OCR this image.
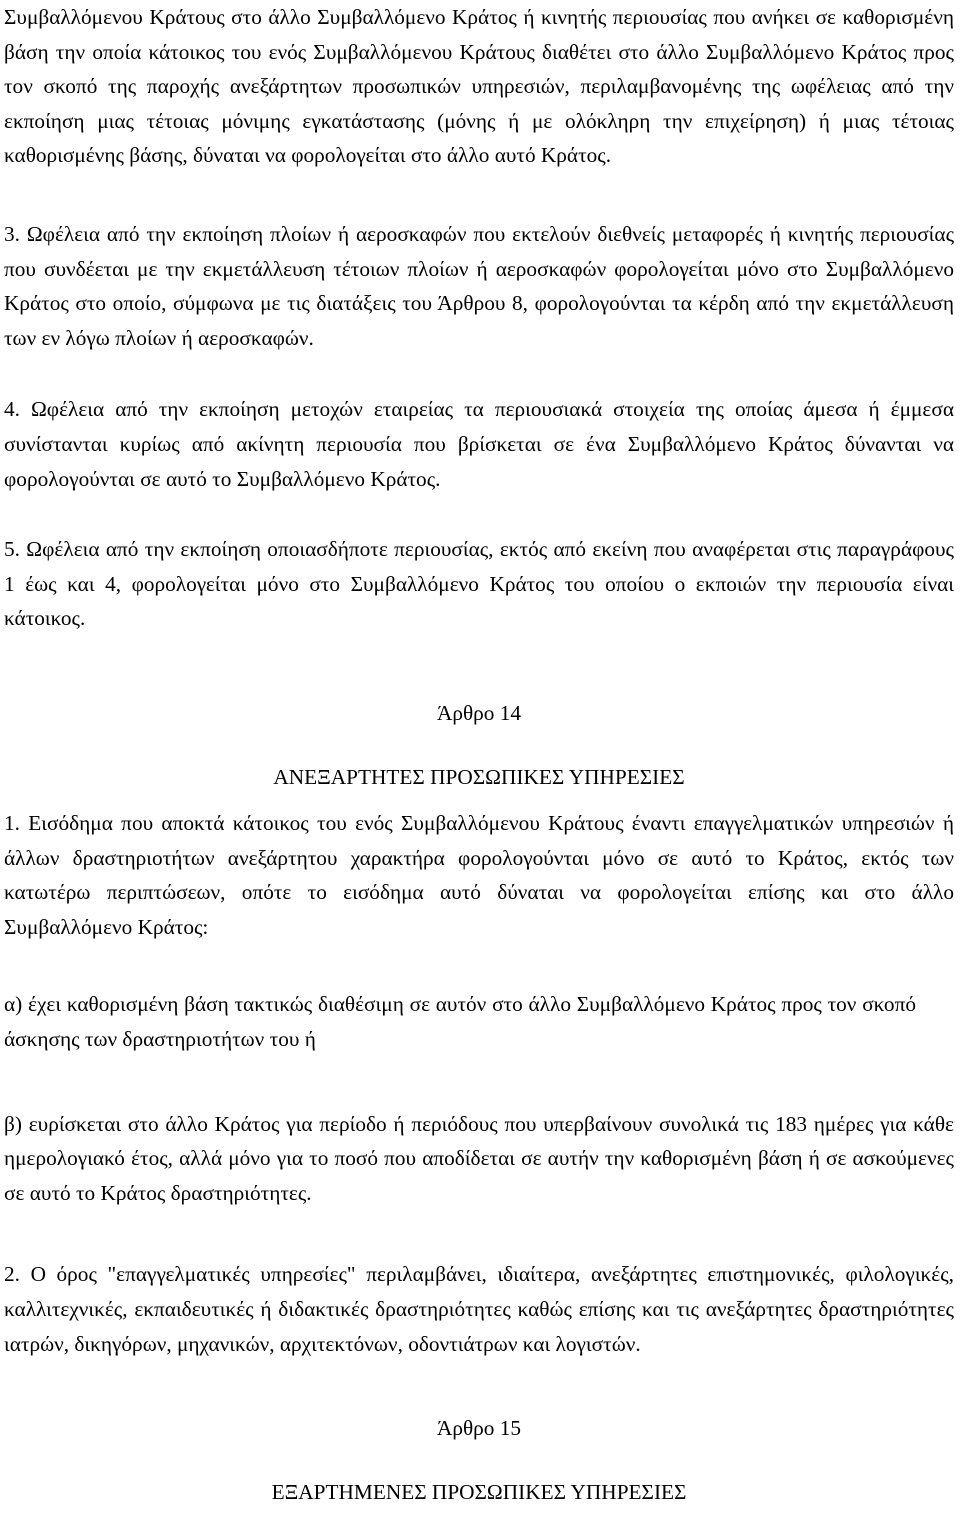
Συμβαλλόμενου Κράτους στο άλλο Συμβαλλόμενο Κράτος ή κινητής περιουσίας που ανήκει σε καθορισμένη βάση την οποία κάτοικος του ενός Συμβαλλόμενου Κράτους διαθέτει στο άλλο Συμβαλλόμενο Κράτος προς τον σκοπό της παροχής ανεξάρτητων προσωπικών υπηρεσιών, περιλαμβανομένης της ωφέλειας από την εκποίηση μιας τέτοιας μόνιμης εγκατάστασης (μόνης ή με ολόκληρη την επιχείρηση) ή μιας τέτοιας καθορισμένης βάσης, δύναται να φορολογείται στο άλλο αυτό Κράτος.

3. Ωφέλεια από την εκποίηση πλοίων ή αεροσκαφών που εκτελούν διεθνείς μεταφορές ή κινητής περιουσίας που συνδέεται με την εκμετάλλευση τέτοιων πλοίων ή αεροσκαφών φορολογείται μόνο στο Συμβαλλόμενο Κράτος στο οποίο, σύμφωνα με τις διατάξεις του Άρθρου 8, φορολογούνται τα κέρδη από την εκμετάλλευση των εν λόγω πλοίων ή αεροσκαφών.

4. Ωφέλεια από την εκποίηση μετοχών εταιρείας τα περιουσιακά στοιχεία της οποίας άμεσα ή έμμεσα συνίστανται κυρίως από ακίνητη περιουσία που βρίσκεται σε ένα Συμβαλλόμενο Κράτος δύνανται να φορολογούνται σε αυτό το Συμβαλλόμενο Κράτος.

5. Ωφέλεια από την εκποίηση οποιασδήποτε περιουσίας, εκτός από εκείνη που αναφέρεται στις παραγράφους 1 έως και 4, φορολογείται μόνο στο Συμβαλλόμενο Κράτος του οποίου ο εκποιών την περιουσία είναι κάτοικος.

Άρθρο 14

ΑΝΕΞΑΡΤΗΤΕΣ ΠΡΟΣΩΠΙΚΕΣ ΥΠΗΡΕΣΙΕΣ

1. Εισόδημα που αποκτά κάτοικος του ενός Συμβαλλόμενου Κράτους έναντι επαγγελματικών υπηρεσιών ή άλλων δραστηριοτήτων ανεξάρτητου χαρακτήρα φορολογούνται μόνο σε αυτό το Κράτος, εκτός των κατωτέρω περιπτώσεων, οπότε το εισόδημα αυτό δύναται να φορολογείται επίσης και στο άλλο Συμβαλλόμενο Κράτος:

α) έχει καθορισμένη βάση τακτικώς διαθέσιμη σε αυτόν στο άλλο Συμβαλλόμενο Κράτος προς τον σκοπό άσκησης των δραστηριοτήτων του ή

β) ευρίσκεται στο άλλο Κράτος για περίοδο ή περιόδους που υπερβαίνουν συνολικά τις 183 ημέρες για κάθε ημερολογιακό έτος, αλλά μόνο για το ποσό που αποδίδεται σε αυτήν την καθορισμένη βάση ή σε ασκούμενες σε αυτό το Κράτος δραστηριότητες.

2. Ο όρος "επαγγελματικές υπηρεσίες" περιλαμβάνει, ιδιαίτερα, ανεξάρτητες επιστημονικές, φιλολογικές, καλλιτεχνικές, εκπαιδευτικές ή διδακτικές δραστηριότητες καθώς επίσης και τις ανεξάρτητες δραστηριότητες ιατρών, δικηγόρων, μηχανικών, αρχιτεκτόνων, οδοντιάτρων και λογιστών.

Άρθρο 15

ΕΞΑΡΤΗΜΕΝΕΣ ΠΡΟΣΩΠΙΚΕΣ ΥΠΗΡΕΣΙΕΣ
